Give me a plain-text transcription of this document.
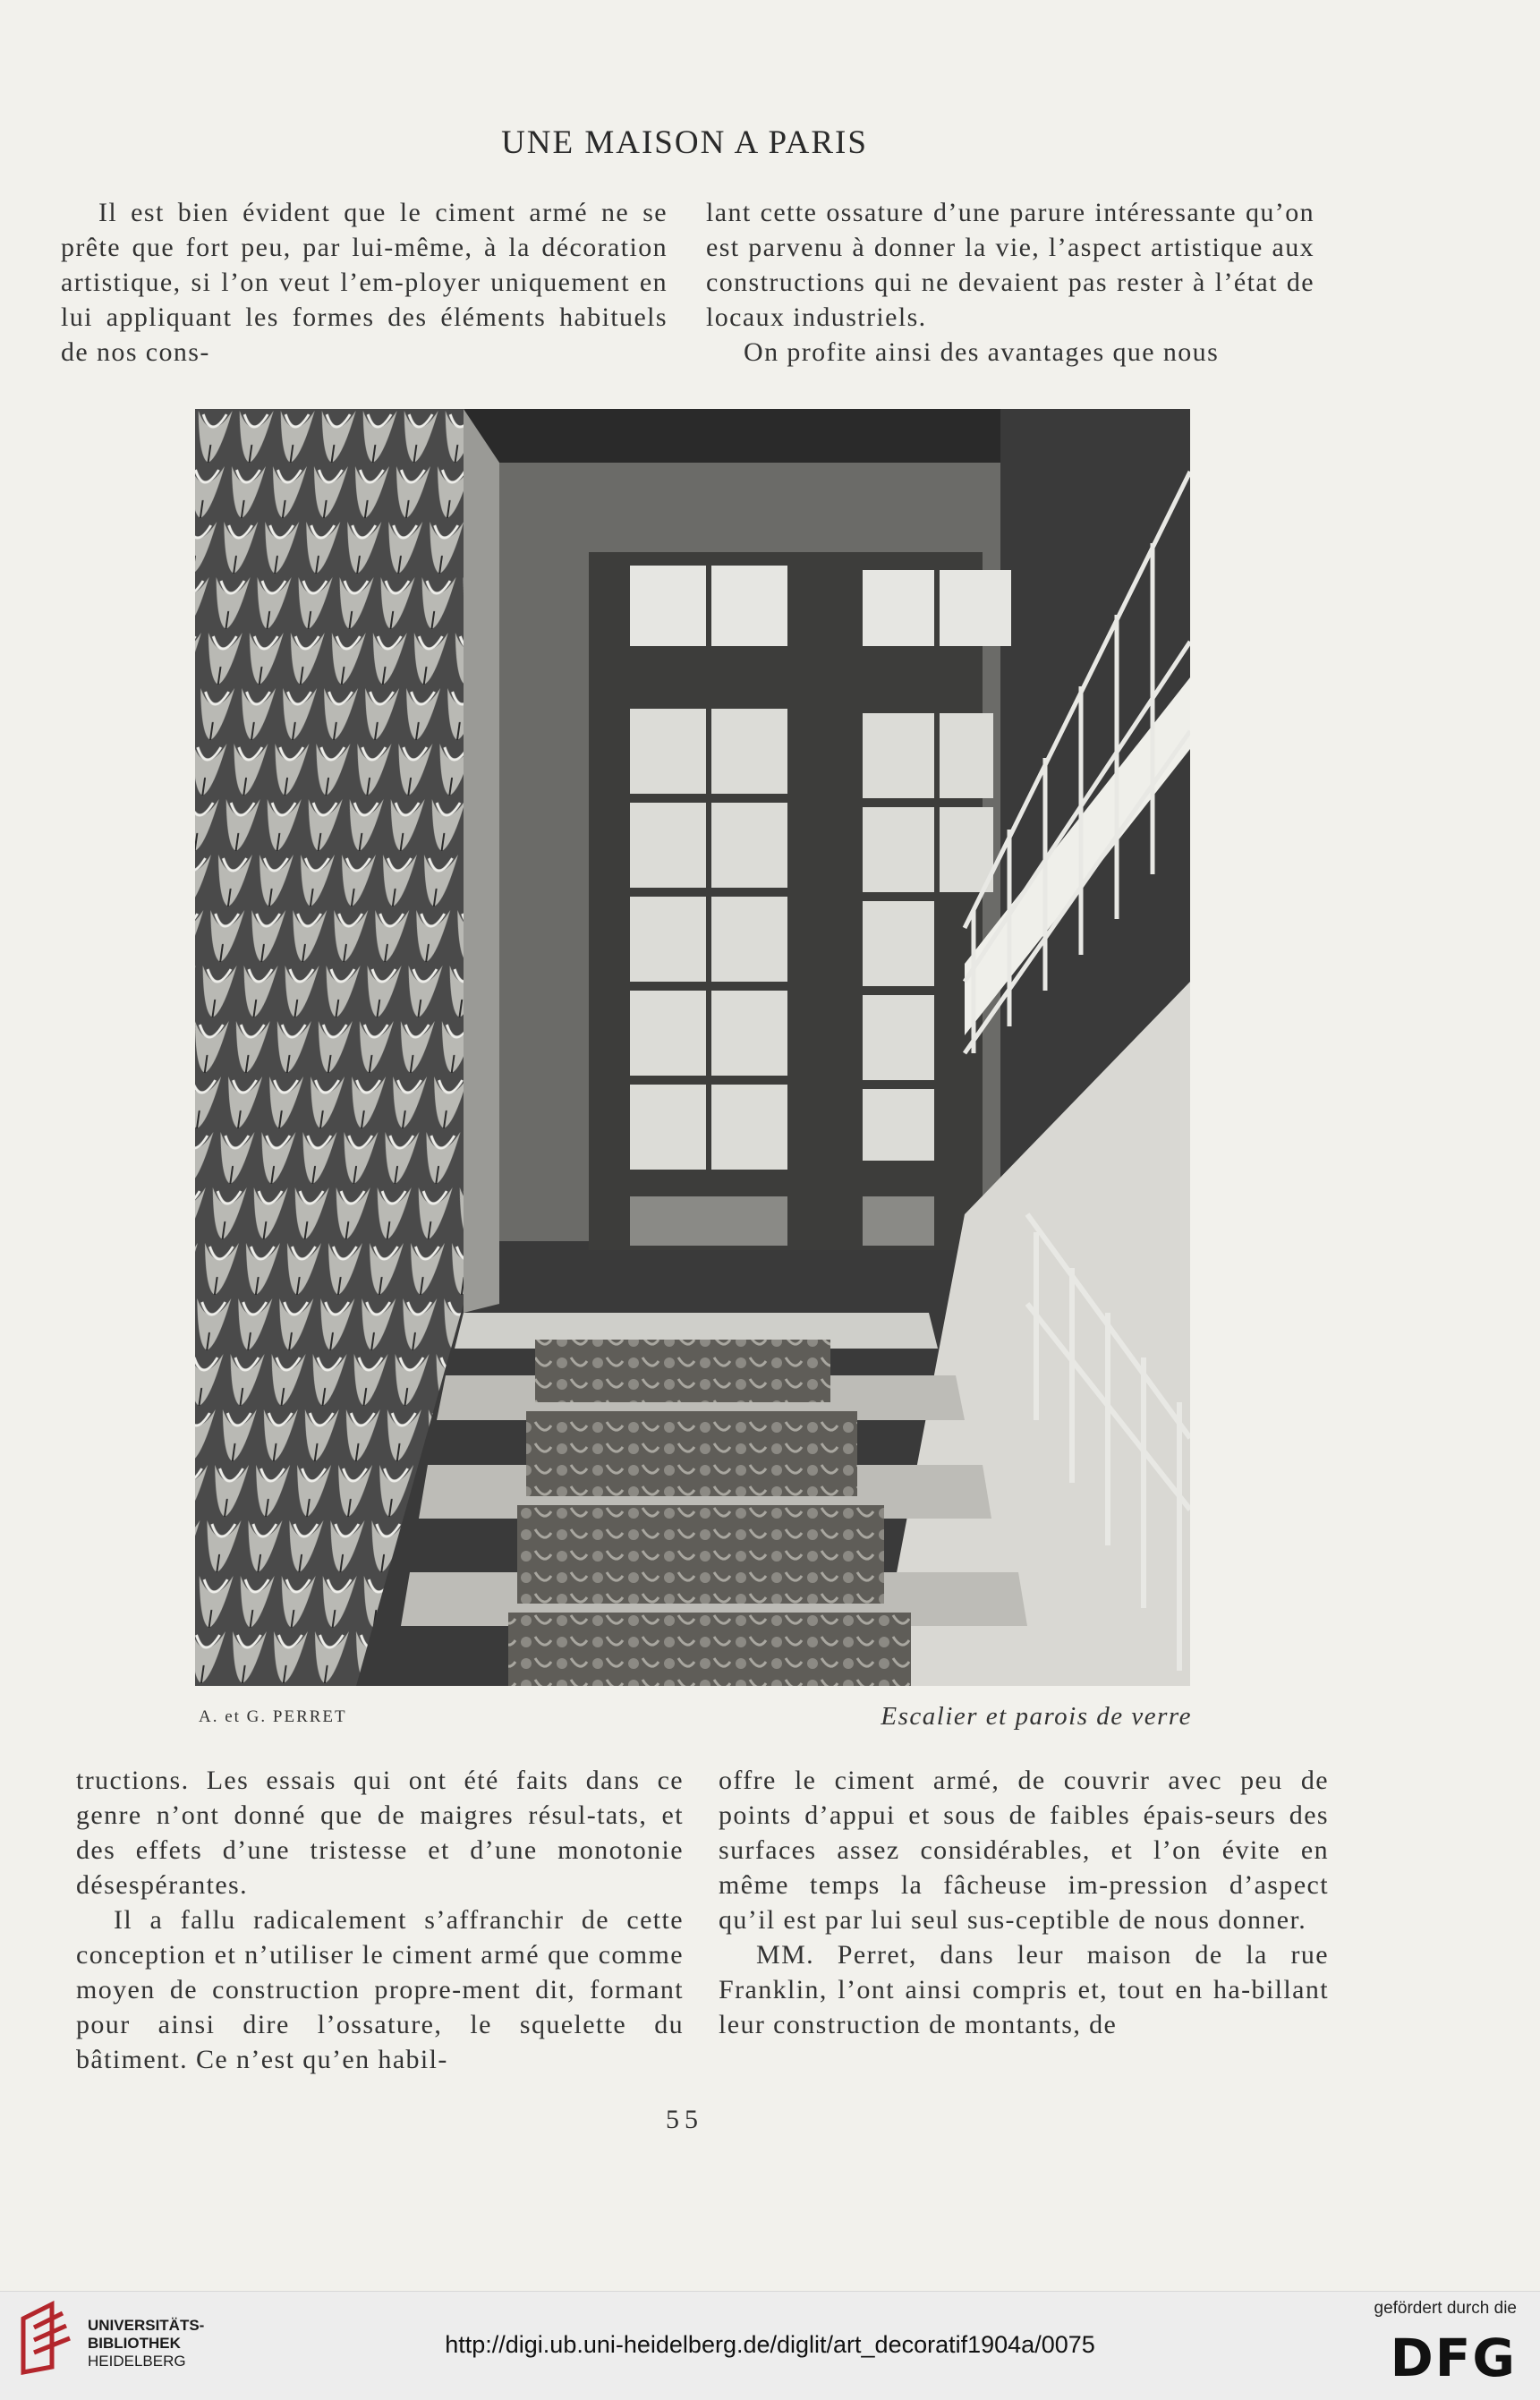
UNE MAISON A PARIS

Il est bien évident que le ciment armé ne se prête que fort peu, par lui-même, à la décoration artistique, si l’on veut l’em-ployer uniquement en lui appliquant les formes des éléments habituels de nos cons-

lant cette ossature d’une parure intéressante qu’on est parvenu à donner la vie, l’aspect artistique aux constructions qui ne devaient pas rester à l’état de locaux industriels.

On profite ainsi des avantages que nous

A. et G. PERRET	Escalier et parois de verre

tructions. Les essais qui ont été faits dans ce genre n’ont donné que de maigres résul-tats, et des effets d’une tristesse et d’une monotonie désespérantes.

Il a fallu radicalement s’affranchir de cette conception et n’utiliser le ciment armé que comme moyen de construction propre-ment dit, formant pour ainsi dire l’ossature, le squelette du bâtiment. Ce n’est qu’en habil-

offre le ciment armé, de couvrir avec peu de points d’appui et sous de faibles épais-seurs des surfaces assez considérables, et l’on évite en même temps la fâcheuse im-pression d’aspect qu’il est par lui seul sus-ceptible de nous donner.

MM. Perret, dans leur maison de la rue Franklin, l’ont ainsi compris et, tout en ha-billant leur construction de montants, de

55
UNIVERSITÄTS-
BIBLIOTHEK
HEIDELBERG
http://digi.ub.uni-heidelberg.de/diglit/art_decoratif1904a/0075
gefördert durch die
DFG
